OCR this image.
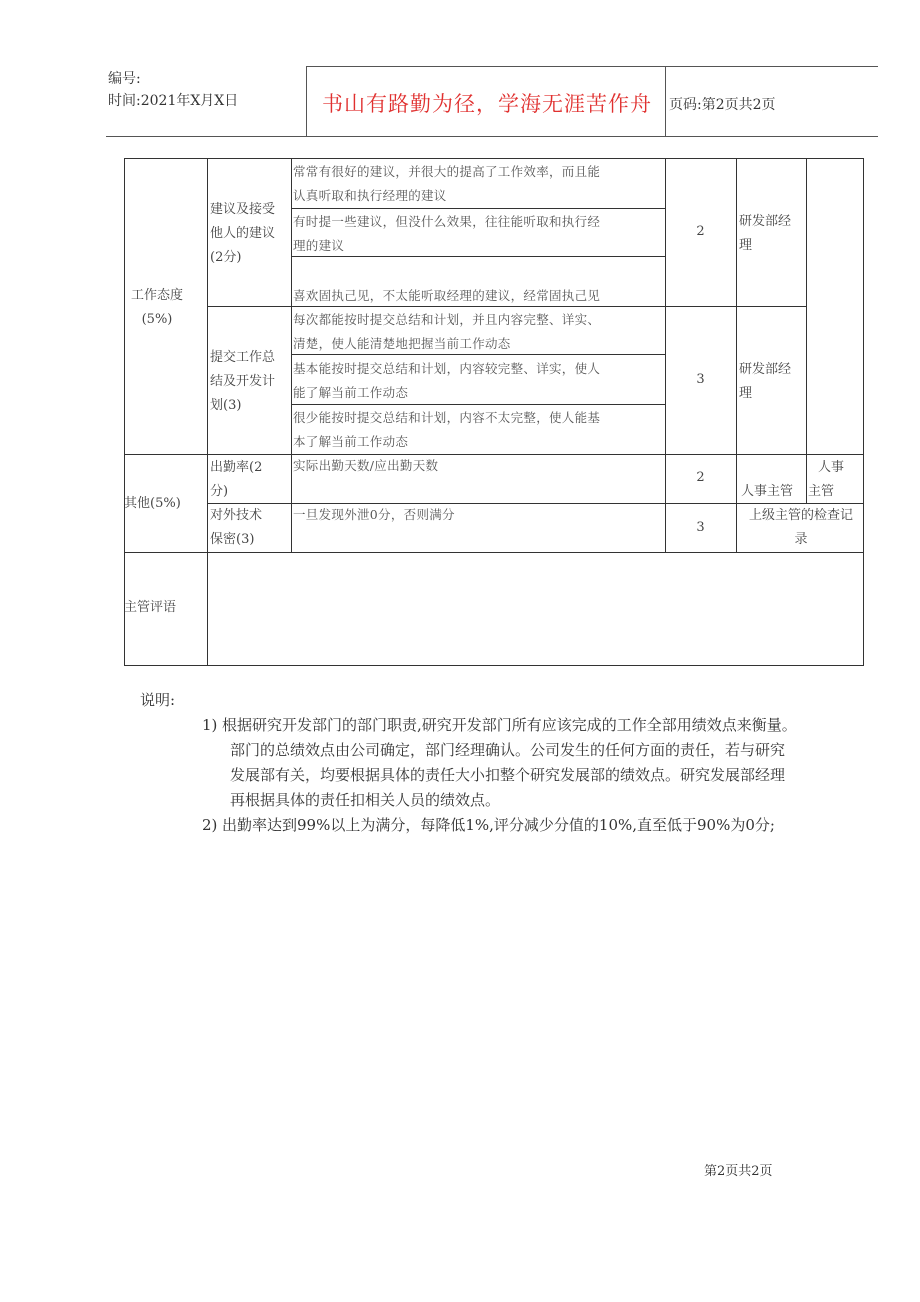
编号:
时间:2021年X月X日	书山有路勤为径，学海无涯苦作舟 页码:第2页共2页
工作态度
(5%)
建议及接受
他人的建议
(2分)
常常有很好的建议，并很大的提高了工作效率，而且能
认真听取和执行经理的建议
有时提一些建议，但没什么效果，往往能听取和执行经
理的建议
喜欢固执己见，不太能听取经理的建议，经常固执己见
2
研发部经
理
提交工作总
结及开发计
划(3)
每次都能按时提交总结和计划，并且内容完整、详实、
清楚，使人能清楚地把握当前工作动态
基本能按时提交总结和计划，内容较完整、详实，使人
能了解当前工作动态
很少能按时提交总结和计划，内容不太完整，使人能基
本了解当前工作动态
3
研发部经
理
其他(5%)
出勤率(2
分)
实际出勤天数/应出勤天数
2
人事主管
人事
主管
对外技术
保密(3)
一旦发现外泄0分，否则满分
3
上级主管的检查记
录
主管评语
说明:
1) 根据研究开发部门的部门职责,研究开发部门所有应该完成的工作全部用绩效点来衡量。
部门的总绩效点由公司确定，部门经理确认。公司发生的任何方面的责任，若与研究
发展部有关，均要根据具体的责任大小扣整个研究发展部的绩效点。研究发展部经理
再根据具体的责任扣相关人员的绩效点。
2) 出勤率达到99%以上为满分，每降低1%,评分减少分值的10%,直至低于90%为0分;
第2页共2页
